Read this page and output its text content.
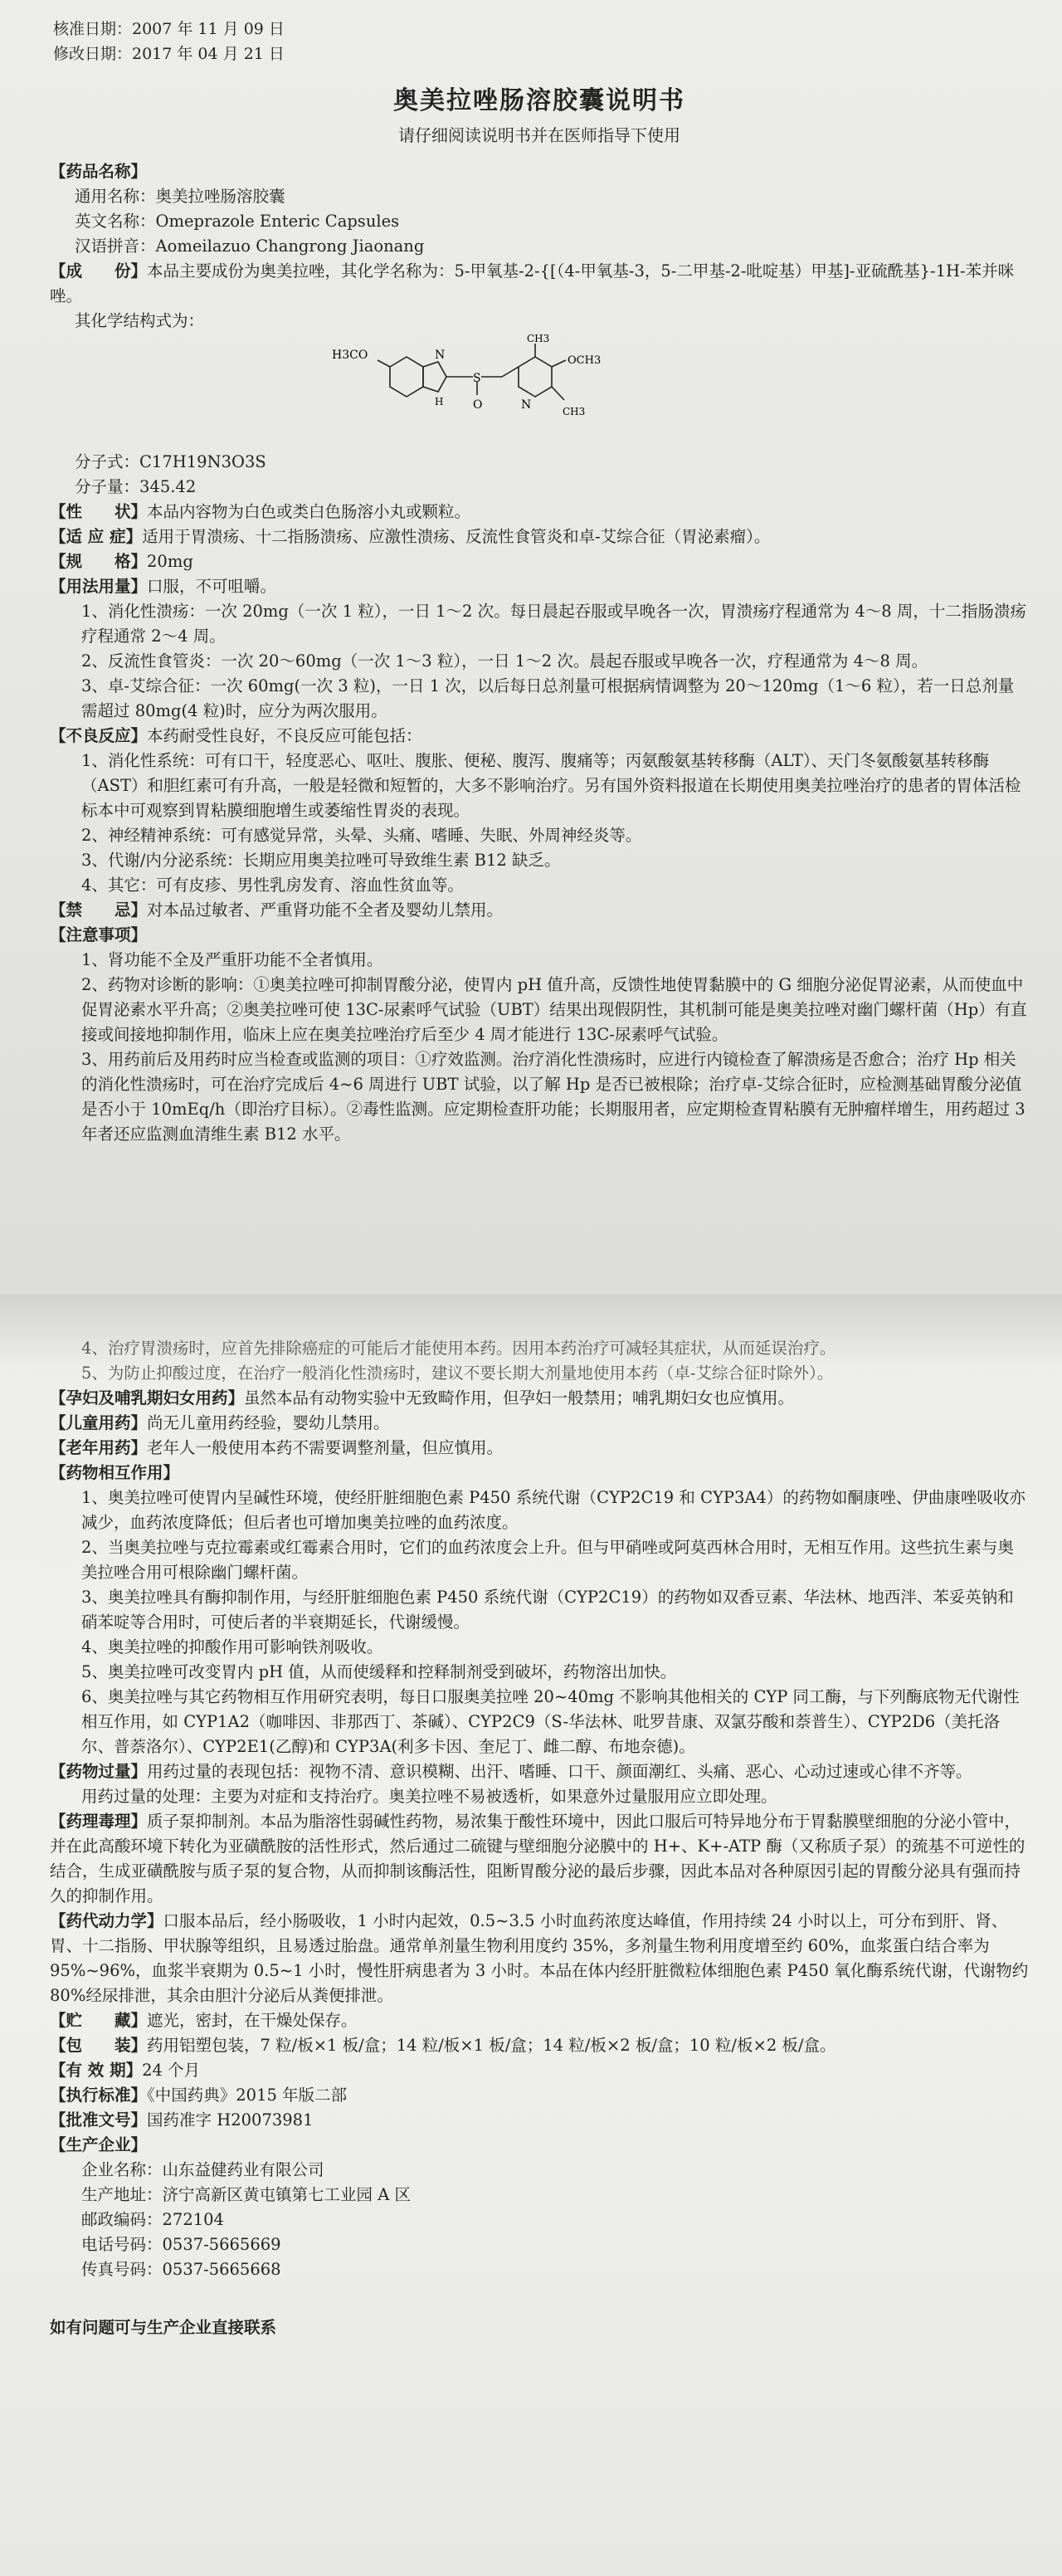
核准日期：2007 年 11 月 09 日

修改日期：2017 年 04 月 21 日

奥美拉唑肠溶胶囊说明书

请仔细阅读说明书并在医师指导下使用

【药品名称】

通用名称：奥美拉唑肠溶胶囊

英文名称：Omeprazole Enteric Capsules

汉语拼音：Aomeilazuo Changrong Jiaonang

【成　　份】本品主要成份为奥美拉唑，其化学名称为：5-甲氧基-2-{[（4-甲氧基-3，5-二甲基-2-吡啶基）甲基]-亚硫酰基}-1H-苯并咪唑。

其化学结构式为：

H3CO	N
H
S
O	N
CH3
OCH3
CH3

分子式：C17H19N3O3S

分子量：345.42

【性　　状】本品内容物为白色或类白色肠溶小丸或颗粒。

【适 应 症】适用于胃溃疡、十二指肠溃疡、应激性溃疡、反流性食管炎和卓-艾综合征（胃泌素瘤）。

【规　　格】20mg

【用法用量】口服，不可咀嚼。

1、消化性溃疡：一次 20mg（一次 1 粒），一日 1～2 次。每日晨起吞服或早晚各一次，胃溃疡疗程通常为 4～8 周，十二指肠溃疡疗程通常 2～4 周。

2、反流性食管炎：一次 20～60mg（一次 1～3 粒），一日 1～2 次。晨起吞服或早晚各一次，疗程通常为 4～8 周。

3、卓-艾综合征：一次 60mg(一次 3 粒)，一日 1 次，以后每日总剂量可根据病情调整为 20～120mg（1～6 粒），若一日总剂量需超过 80mg(4 粒)时，应分为两次服用。

【不良反应】本药耐受性良好，不良反应可能包括：

1、消化性系统：可有口干，轻度恶心、呕吐、腹胀、便秘、腹泻、腹痛等；丙氨酸氨基转移酶（ALT）、天门冬氨酸氨基转移酶（AST）和胆红素可有升高，一般是轻微和短暂的，大多不影响治疗。另有国外资料报道在长期使用奥美拉唑治疗的患者的胃体活检标本中可观察到胃粘膜细胞增生或萎缩性胃炎的表现。

2、神经精神系统：可有感觉异常，头晕、头痛、嗜睡、失眠、外周神经炎等。

3、代谢/内分泌系统：长期应用奥美拉唑可导致维生素 B12 缺乏。

4、其它：可有皮疹、男性乳房发育、溶血性贫血等。

【禁　　忌】对本品过敏者、严重肾功能不全者及婴幼儿禁用。

【注意事项】

1、肾功能不全及严重肝功能不全者慎用。

2、药物对诊断的影响：①奥美拉唑可抑制胃酸分泌，使胃内 pH 值升高，反馈性地使胃黏膜中的 G 细胞分泌促胃泌素，从而使血中促胃泌素水平升高；②奥美拉唑可使 13C-尿素呼气试验（UBT）结果出现假阴性，其机制可能是奥美拉唑对幽门螺杆菌（Hp）有直接或间接地抑制作用，临床上应在奥美拉唑治疗后至少 4 周才能进行 13C-尿素呼气试验。

3、用药前后及用药时应当检查或监测的项目：①疗效监测。治疗消化性溃疡时，应进行内镜检查了解溃疡是否愈合；治疗 Hp 相关的消化性溃疡时，可在治疗完成后 4~6 周进行 UBT 试验，以了解 Hp 是否已被根除；治疗卓-艾综合征时，应检测基础胃酸分泌值是否小于 10mEq/h（即治疗目标）。②毒性监测。应定期检查肝功能；长期服用者，应定期检查胃粘膜有无肿瘤样增生，用药超过 3 年者还应监测血清维生素 B12 水平。

4、治疗胃溃疡时，应首先排除癌症的可能后才能使用本药。因用本药治疗可减轻其症状，从而延误治疗。

5、为防止抑酸过度，在治疗一般消化性溃疡时，建议不要长期大剂量地使用本药（卓-艾综合征时除外）。

【孕妇及哺乳期妇女用药】虽然本品有动物实验中无致畸作用，但孕妇一般禁用；哺乳期妇女也应慎用。

【儿童用药】尚无儿童用药经验，婴幼儿禁用。

【老年用药】老年人一般使用本药不需要调整剂量，但应慎用。

【药物相互作用】

1、奥美拉唑可使胃内呈碱性环境，使经肝脏细胞色素 P450 系统代谢（CYP2C19 和 CYP3A4）的药物如酮康唑、伊曲康唑吸收亦减少，血药浓度降低；但后者也可增加奥美拉唑的血药浓度。

2、当奥美拉唑与克拉霉素或红霉素合用时，它们的血药浓度会上升。但与甲硝唑或阿莫西林合用时，无相互作用。这些抗生素与奥美拉唑合用可根除幽门螺杆菌。

3、奥美拉唑具有酶抑制作用，与经肝脏细胞色素 P450 系统代谢（CYP2C19）的药物如双香豆素、华法林、地西泮、苯妥英钠和硝苯啶等合用时，可使后者的半衰期延长，代谢缓慢。

4、奥美拉唑的抑酸作用可影响铁剂吸收。

5、奥美拉唑可改变胃内 pH 值，从而使缓释和控释制剂受到破坏，药物溶出加快。

6、奥美拉唑与其它药物相互作用研究表明，每日口服奥美拉唑 20~40mg 不影响其他相关的 CYP 同工酶，与下列酶底物无代谢性相互作用，如 CYP1A2（咖啡因、非那西丁、茶碱）、CYP2C9（S-华法林、吡罗昔康、双氯芬酸和萘普生）、CYP2D6（美托洛尔、普萘洛尔）、CYP2E1(乙醇)和 CYP3A(利多卡因、奎尼丁、雌二醇、布地奈德)。

【药物过量】用药过量的表现包括：视物不清、意识模糊、出汗、嗜睡、口干、颜面潮红、头痛、恶心、心动过速或心律不齐等。

用药过量的处理：主要为对症和支持治疗。奥美拉唑不易被透析，如果意外过量服用应立即处理。

【药理毒理】质子泵抑制剂。本品为脂溶性弱碱性药物，易浓集于酸性环境中，因此口服后可特异地分布于胃黏膜壁细胞的分泌小管中，并在此高酸环境下转化为亚磺酰胺的活性形式，然后通过二硫键与壁细胞分泌膜中的 H+、K+-ATP 酶（又称质子泵）的巯基不可逆性的结合，生成亚磺酰胺与质子泵的复合物，从而抑制该酶活性，阻断胃酸分泌的最后步骤，因此本品对各种原因引起的胃酸分泌具有强而持久的抑制作用。

【药代动力学】口服本品后，经小肠吸收，1 小时内起效，0.5~3.5 小时血药浓度达峰值，作用持续 24 小时以上，可分布到肝、肾、胃、十二指肠、甲状腺等组织，且易透过胎盘。通常单剂量生物利用度约 35%，多剂量生物利用度增至约 60%，血浆蛋白结合率为 95%~96%，血浆半衰期为 0.5~1 小时，慢性肝病患者为 3 小时。本品在体内经肝脏微粒体细胞色素 P450 氧化酶系统代谢，代谢物约 80%经尿排泄，其余由胆汁分泌后从粪便排泄。

【贮　　藏】遮光，密封，在干燥处保存。

【包　　装】药用铝塑包装，7 粒/板×1 板/盒；14 粒/板×1 板/盒；14 粒/板×2 板/盒；10 粒/板×2 板/盒。

【有 效 期】24 个月

【执行标准】《中国药典》2015 年版二部

【批准文号】国药准字 H20073981

【生产企业】

企业名称：山东益健药业有限公司

生产地址：济宁高新区黄屯镇第七工业园 A 区

邮政编码：272104

电话号码：0537-5665669

传真号码：0537-5665668

如有问题可与生产企业直接联系
